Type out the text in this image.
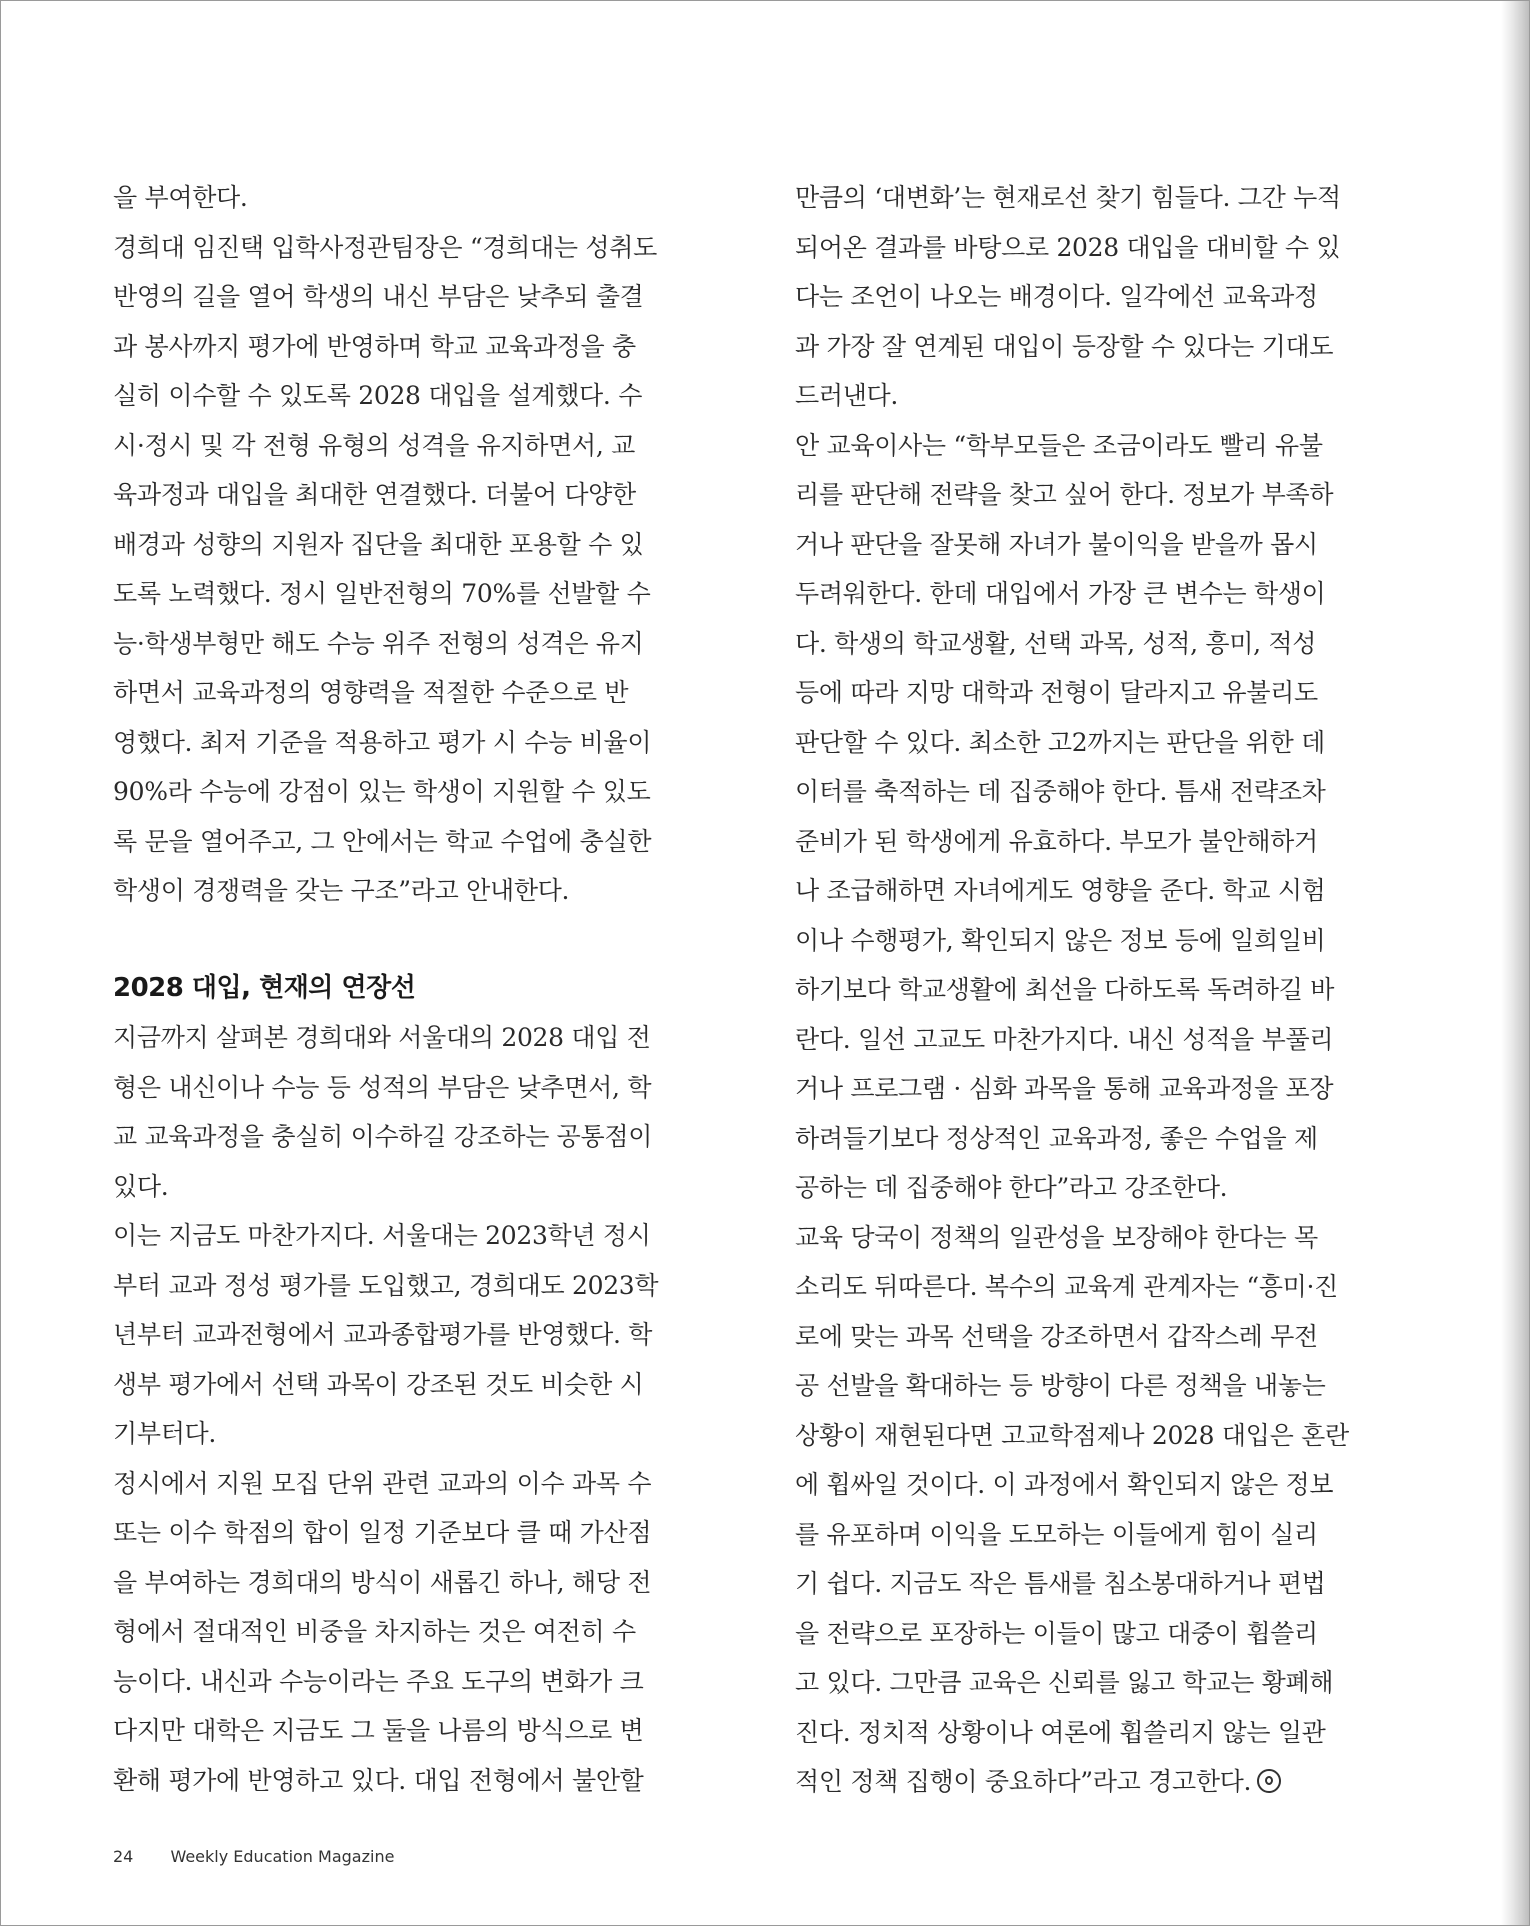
을 부여한다.
경희대 임진택 입학사정관팀장은 “경희대는 성취도
반영의 길을 열어 학생의 내신 부담은 낮추되 출결
과 봉사까지 평가에 반영하며 학교 교육과정을 충
실히 이수할 수 있도록 2028 대입을 설계했다. 수
시·정시 및 각 전형 유형의 성격을 유지하면서, 교
육과정과 대입을 최대한 연결했다. 더불어 다양한
배경과 성향의 지원자 집단을 최대한 포용할 수 있
도록 노력했다. 정시 일반전형의 70%를 선발할 수
능·학생부형만 해도 수능 위주 전형의 성격은 유지
하면서 교육과정의 영향력을 적절한 수준으로 반
영했다. 최저 기준을 적용하고 평가 시 수능 비율이
90%라 수능에 강점이 있는 학생이 지원할 수 있도
록 문을 열어주고, 그 안에서는 학교 수업에 충실한
학생이 경쟁력을 갖는 구조”라고 안내한다.
2028 대입, 현재의 연장선
지금까지 살펴본 경희대와 서울대의 2028 대입 전
형은 내신이나 수능 등 성적의 부담은 낮추면서, 학
교 교육과정을 충실히 이수하길 강조하는 공통점이
있다.
이는 지금도 마찬가지다. 서울대는 2023학년 정시
부터 교과 정성 평가를 도입했고, 경희대도 2023학
년부터 교과전형에서 교과종합평가를 반영했다. 학
생부 평가에서 선택 과목이 강조된 것도 비슷한 시
기부터다.
정시에서 지원 모집 단위 관련 교과의 이수 과목 수
또는 이수 학점의 합이 일정 기준보다 클 때 가산점
을 부여하는 경희대의 방식이 새롭긴 하나, 해당 전
형에서 절대적인 비중을 차지하는 것은 여전히 수
능이다. 내신과 수능이라는 주요 도구의 변화가 크
다지만 대학은 지금도 그 둘을 나름의 방식으로 변
환해 평가에 반영하고 있다. 대입 전형에서 불안할
만큼의 ‘대변화’는 현재로선 찾기 힘들다. 그간 누적
되어온 결과를 바탕으로 2028 대입을 대비할 수 있
다는 조언이 나오는 배경이다. 일각에선 교육과정
과 가장 잘 연계된 대입이 등장할 수 있다는 기대도
드러낸다.
안 교육이사는 “학부모들은 조금이라도 빨리 유불
리를 판단해 전략을 찾고 싶어 한다. 정보가 부족하
거나 판단을 잘못해 자녀가 불이익을 받을까 몹시
두려워한다. 한데 대입에서 가장 큰 변수는 학생이
다. 학생의 학교생활, 선택 과목, 성적, 흥미, 적성
등에 따라 지망 대학과 전형이 달라지고 유불리도
판단할 수 있다. 최소한 고2까지는 판단을 위한 데
이터를 축적하는 데 집중해야 한다. 틈새 전략조차
준비가 된 학생에게 유효하다. 부모가 불안해하거
나 조급해하면 자녀에게도 영향을 준다. 학교 시험
이나 수행평가, 확인되지 않은 정보 등에 일희일비
하기보다 학교생활에 최선을 다하도록 독려하길 바
란다. 일선 고교도 마찬가지다. 내신 성적을 부풀리
거나 프로그램 · 심화 과목을 통해 교육과정을 포장
하려들기보다 정상적인 교육과정, 좋은 수업을 제
공하는 데 집중해야 한다”라고 강조한다.
교육 당국이 정책의 일관성을 보장해야 한다는 목
소리도 뒤따른다. 복수의 교육계 관계자는 “흥미·진
로에 맞는 과목 선택을 강조하면서 갑작스레 무전
공 선발을 확대하는 등 방향이 다른 정책을 내놓는
상황이 재현된다면 고교학점제나 2028 대입은 혼란
에 휩싸일 것이다. 이 과정에서 확인되지 않은 정보
를 유포하며 이익을 도모하는 이들에게 힘이 실리
기 쉽다. 지금도 작은 틈새를 침소봉대하거나 편법
을 전략으로 포장하는 이들이 많고 대중이 휩쓸리
고 있다. 그만큼 교육은 신뢰를 잃고 학교는 황폐해
진다. 정치적 상황이나 여론에 휩쓸리지 않는 일관
적인 정책 집행이 중요하다”라고 경고한다.
24 Weekly Education Magazine
